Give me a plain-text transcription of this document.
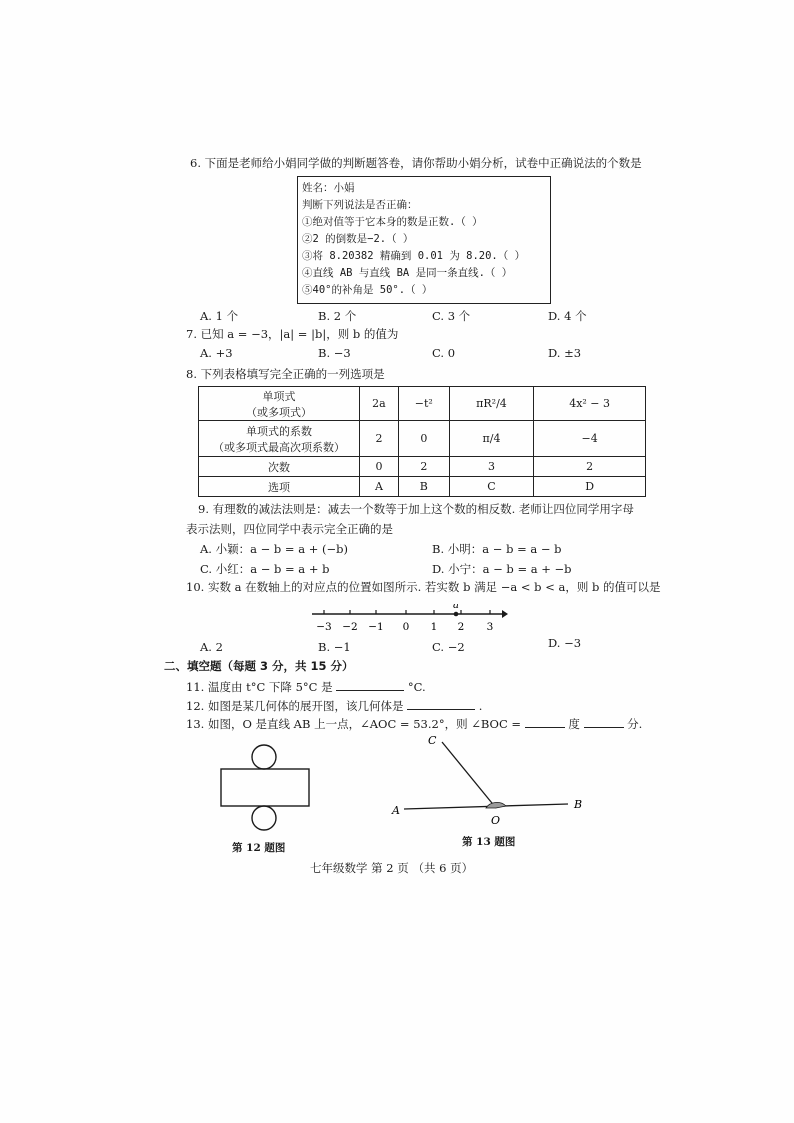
6. 下面是老师给小娟同学做的判断题答卷，请你帮助小娟分析，试卷中正确说法的个数是
姓名：小娟
判断下列说法是否正确：
①绝对值等于它本身的数是正数.（ ）
②2 的倒数是−2.（ ）
③将 8.20382 精确到 0.01 为 8.20.（ ）
④直线 AB 与直线 BA 是同一条直线.（ ）
⑤40°的补角是 50°.（ ）
A. 1 个	B. 2 个	C. 3 个	D. 4 个
7. 已知 a = −3，|a| = |b|，则 b 的值为
A. +3	B. −3	C. 0	D. ±3
8. 下列表格填写完全正确的一列选项是
单项式
（或多项式）	2a	−t²	πR²/4	4x² − 3

单项式的系数
（或多项式最高次项系数）	2	0	π/4	−4
次数	0	2	3	2
选项	A	B	C	D
9. 有理数的减法法则是：减去一个数等于加上这个数的相反数. 老师让四位同学用字母
表示法则，四位同学中表示完全正确的是
A. 小颖：a − b = a + (−b)	B. 小明：a − b = a − b
C. 小红：a − b = a + b	D. 小宁：a − b = a + −b
10. 实数 a 在数轴上的对应点的位置如图所示. 若实数 b 满足 −a < b < a，则 b 的值可以是
a
−3 −2 −1 0 1 2 3
A. 2	B. −1	C. −2	D. −3
二、填空题（每题 3 分，共 15 分）
11. 温度由 t°C 下降 5°C 是	°C.
12. 如图是某几何体的展开图，该几何体是	.
13. 如图，O 是直线 AB 上一点，∠AOC = 53.2°，则 ∠BOC =	度	分.
第 12 题图
C
A	B
O
第 13 题图
七年级数学 第 2 页 （共 6 页）
